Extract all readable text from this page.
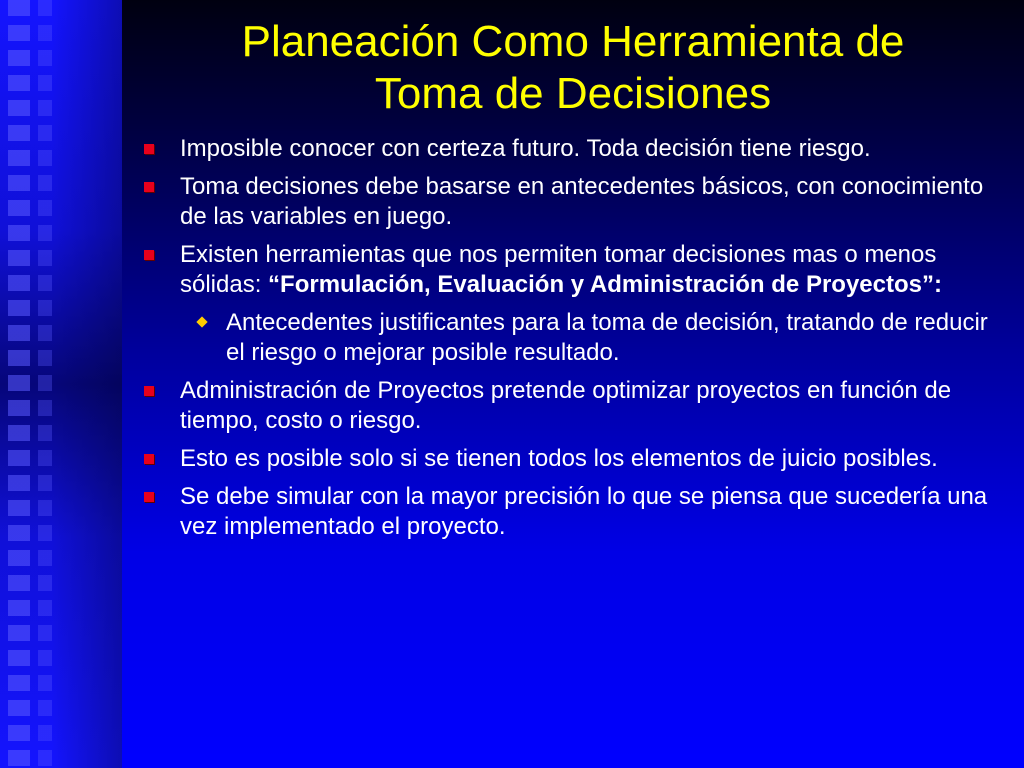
Planeación Como Herramienta de
Toma de Decisiones
Imposible conocer con certeza futuro. Toda decisión tiene riesgo.
Toma decisiones debe basarse en antecedentes básicos, con conocimiento de las variables en juego.
Existen herramientas que nos permiten tomar decisiones mas o menos sólidas: “Formulación, Evaluación y Administración de Proyectos”:
Antecedentes justificantes para la toma de decisión, tratando de reducir el riesgo o mejorar posible resultado.
Administración de Proyectos pretende optimizar proyectos en función de tiempo, costo o riesgo.
Esto es posible solo si se tienen todos los elementos de juicio posibles.
Se debe simular con la mayor precisión lo que se piensa que sucedería una vez implementado el proyecto.
